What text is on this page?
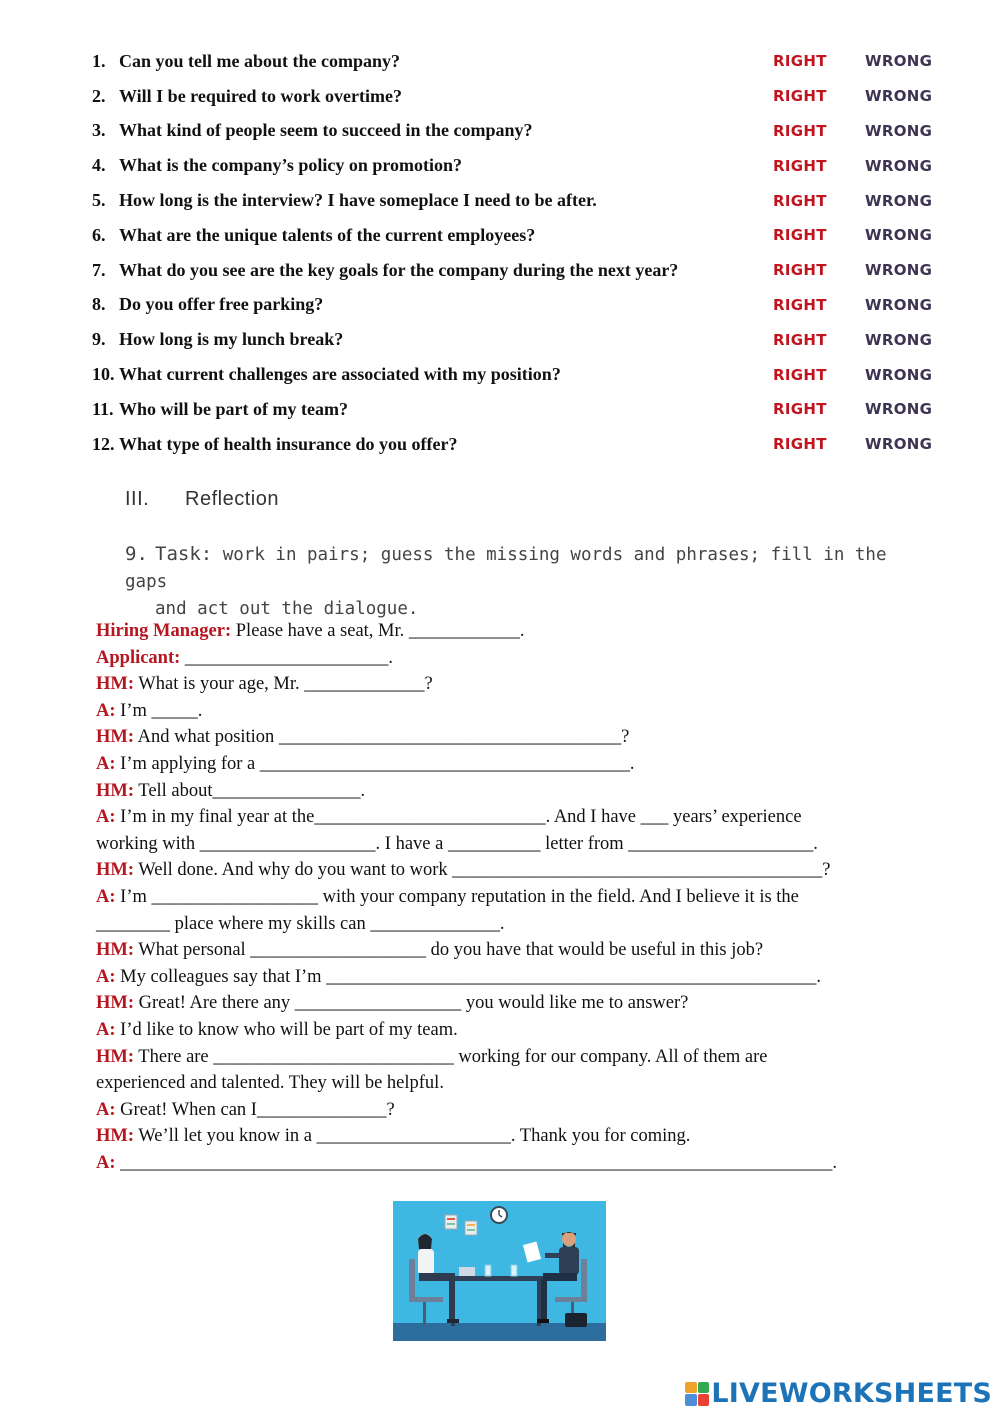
1. Can you tell me about the company?	RIGHT	WRONG
2. Will I be required to work overtime?	RIGHT	WRONG
3. What kind of people seem to succeed in the company?	RIGHT	WRONG
4. What is the company’s policy on promotion?	RIGHT	WRONG
5. How long is the interview? I have someplace I need to be after.	RIGHT	WRONG
6. What are the unique talents of the current employees?	RIGHT	WRONG
7. What do you see are the key goals for the company during the next year?	RIGHT	WRONG
8. Do you offer free parking?	RIGHT	WRONG
9. How long is my lunch break?	RIGHT	WRONG
10. What current challenges are associated with my position?	RIGHT	WRONG
11. Who will be part of my team?	RIGHT	WRONG
12. What type of health insurance do you offer?	RIGHT	WRONG
III. Reflection
9. Task: work in pairs; guess the missing words and phrases; fill in the gaps
and act out the dialogue.
Hiring Manager: Please have a seat, Mr. ____________.
Applicant: ______________________.
HM: What is your age, Mr. _____________?
A: I’m _____.
HM: And what position _____________________________________?
A: I’m applying for a ________________________________________.
HM: Tell about________________.
A: I’m in my final year at the_________________________. And I have ___ years’ experience
working with ___________________. I have a __________ letter from ____________________.
HM: Well done. And why do you want to work ________________________________________?
A: I’m __________________ with your company reputation in the field. And I believe it is the
________ place where my skills can ______________.
HM: What personal ___________________ do you have that would be useful in this job?
A: My colleagues say that I’m _____________________________________________________.
HM: Great! Are there any __________________ you would like me to answer?
A: I’d like to know who will be part of my team.
HM: There are __________________________ working for our company. All of them are
experienced and talented. They will be helpful.
A: Great! When can I______________?
HM: We’ll let you know in a _____________________. Thank you for coming.
A: _____________________________________________________________________________.
LIVEWORKSHEETS
